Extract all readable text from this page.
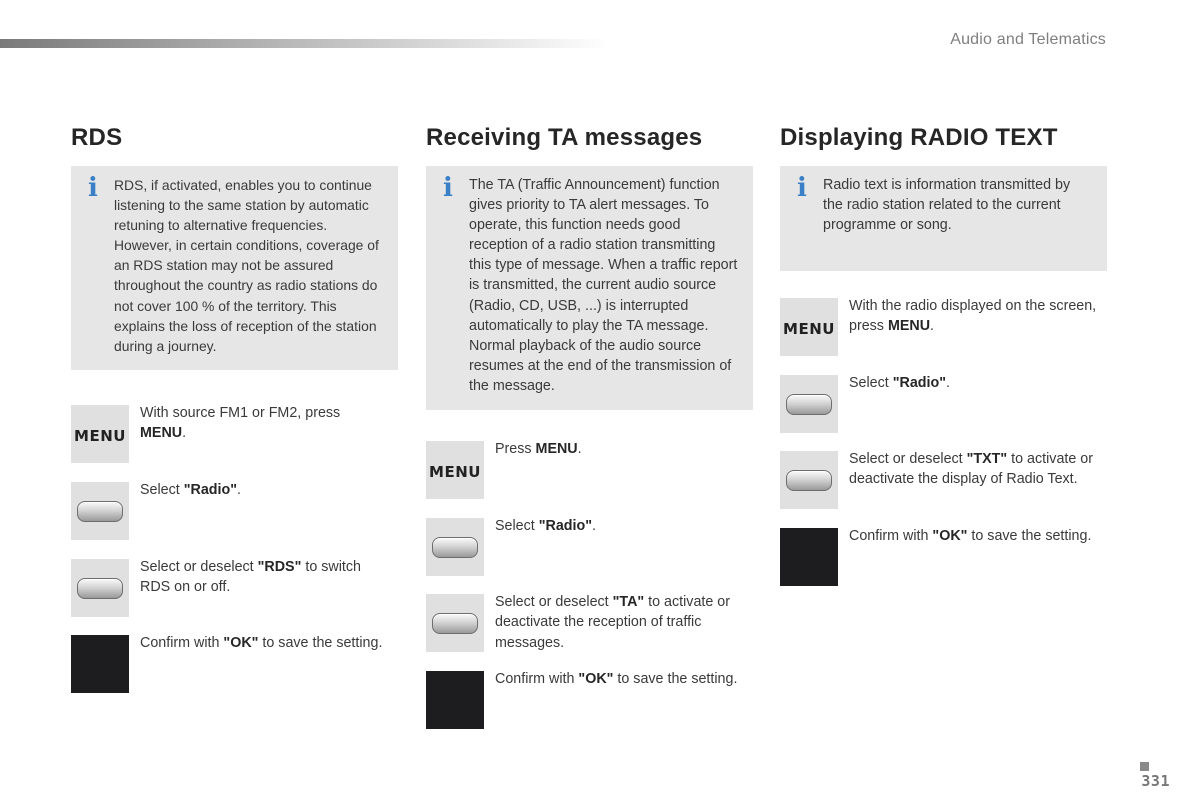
Audio and Telematics
RDS
i RDS, if activated, enables you to continue listening to the same station by automatic retuning to alternative frequencies. However, in certain conditions, coverage of an RDS station may not be assured throughout the country as radio stations do not cover 100 % of the territory. This explains the loss of reception of the station during a journey.

MENU

With source FM1 or FM2, press MENU.

Select "Radio".

Select or deselect "RDS" to switch RDS on or off.

Confirm with "OK" to save the setting.

Receiving TA messages
i The TA (Traffic Announcement) function gives priority to TA alert messages. To operate, this function needs good reception of a radio station transmitting this type of message. When a traffic report is transmitted, the current audio source (Radio, CD, USB, ...) is interrupted automatically to play the TA message. Normal playback of the audio source resumes at the end of the transmission of the message.

MENU

Press MENU.

Select "Radio".

Select or deselect "TA" to activate or deactivate the reception of traffic messages.

Confirm with "OK" to save the setting.

Displaying RADIO TEXT
i Radio text is information transmitted by the radio station related to the current programme or song.

MENU

With the radio displayed on the screen, press MENU.

Select "Radio".

Select or deselect "TXT" to activate or deactivate the display of Radio Text.

Confirm with "OK" to save the setting.

331
